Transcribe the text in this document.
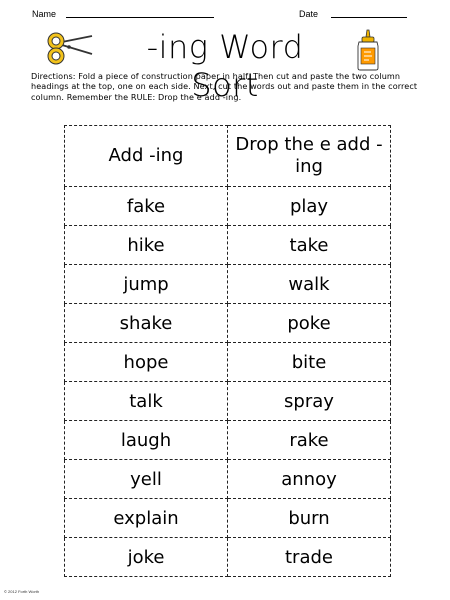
Name	Date
-ing Word Sort
Directions: Fold a piece of construction paper in half. Then cut and paste the two column headings at the top, one on each side. Next, cut the words out and paste them in the correct column. Remember the RULE: Drop the e add -ing.
Add -ing	Drop the e add - ing
fake	play
hike	take
jump	walk
shake	poke
hope	bite
talk	spray
laugh	rake
yell	annoy
explain	burn
joke	trade
© 2012 Forth Worth
